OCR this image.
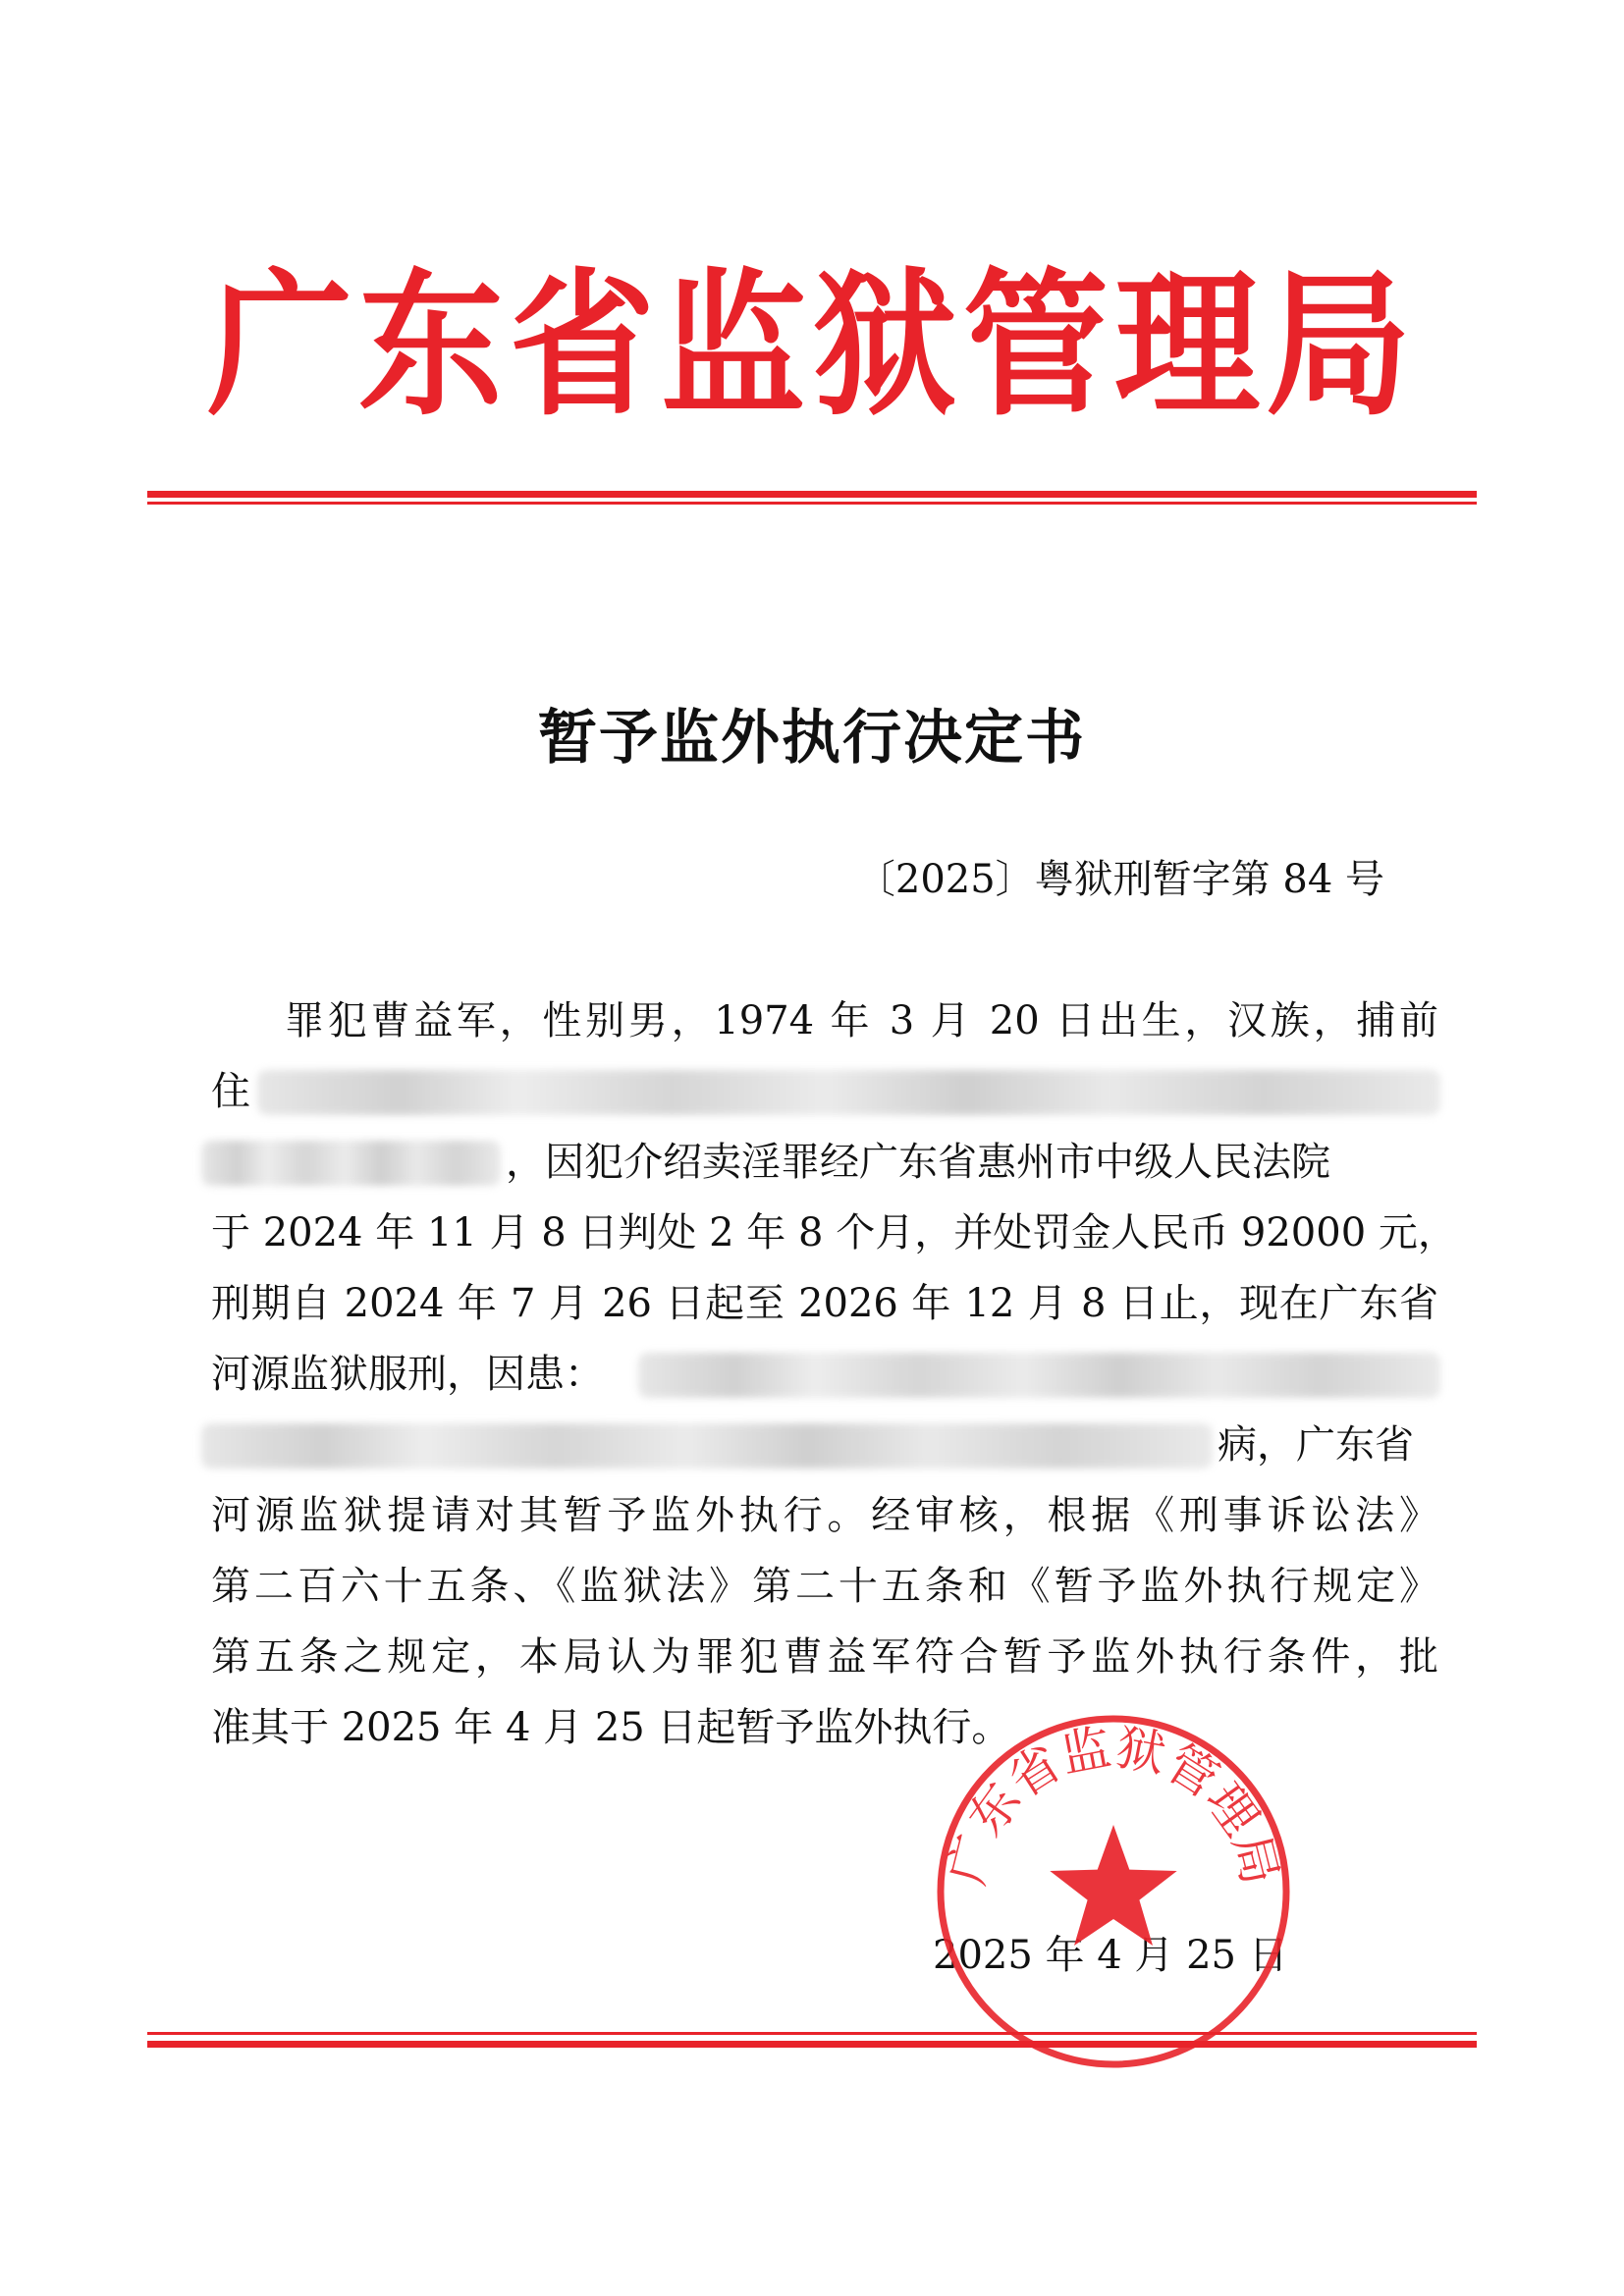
广东省监狱管理局
暂予监外执行决定书
〔2025〕粤狱刑暂字第 84 号
罪犯曹益军，性别男，1974 年 3 月 20 日出生，汉族，捕前
住
，因犯介绍卖淫罪经广东省惠州市中级人民法院
于 2024 年 11 月 8 日判处 2 年 8 个月，并处罚金人民币 92000 元，
刑期自 2024 年 7 月 26 日起至 2026 年 12 月 8 日止，现在广东省
河源监狱服刑，因患：
病，广东省
河源监狱提请对其暂予监外执行。经审核，根据《刑事诉讼法》
第二百六十五条、《监狱法》第二十五条和《暂予监外执行规定》
第五条之规定，本局认为罪犯曹益军符合暂予监外执行条件，批
准其于 2025 年 4 月 25 日起暂予监外执行。
2025 年 4 月 25 日
广东省监狱管理局
